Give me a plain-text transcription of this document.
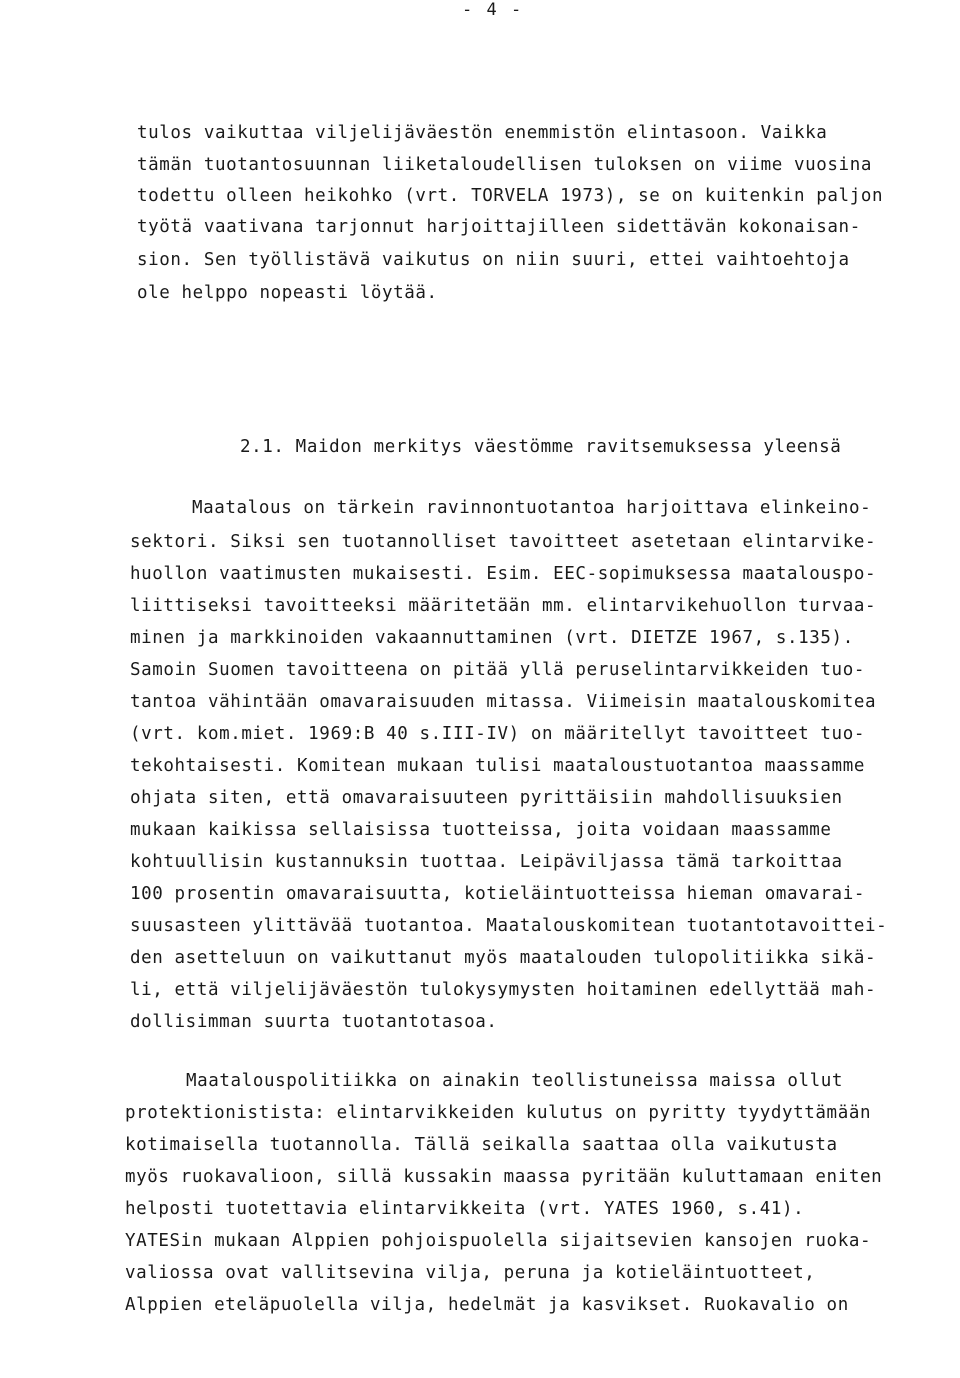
- 4 -
tulos vaikuttaa viljelijäväestön enemmistön elintasoon. Vaikka
tämän tuotantosuunnan liiketaloudellisen tuloksen on viime vuosina
todettu olleen heikohko (vrt. TORVELA 1973), se on kuitenkin paljon
työtä vaativana tarjonnut harjoittajilleen sidettävän kokonaisan-
sion. Sen työllistävä vaikutus on niin suuri, ettei vaihtoehtoja
ole helppo nopeasti löytää.
2.1. Maidon merkitys väestömme ravitsemuksessa yleensä
Maatalous on tärkein ravinnontuotantoa harjoittava elinkeino-
sektori. Siksi sen tuotannolliset tavoitteet asetetaan elintarvike-
huollon vaatimusten mukaisesti. Esim. EEC-sopimuksessa maatalouspo-
liittiseksi tavoitteeksi määritetään mm. elintarvikehuollon turvaa-
minen ja markkinoiden vakaannuttaminen (vrt. DIETZE 1967, s.135).
Samoin Suomen tavoitteena on pitää yllä peruselintarvikkeiden tuo-
tantoa vähintään omavaraisuuden mitassa. Viimeisin maatalouskomitea
(vrt. kom.miet. 1969:B 40 s.III-IV) on määritellyt tavoitteet tuo-
tekohtaisesti. Komitean mukaan tulisi maataloustuotantoa maassamme
ohjata siten, että omavaraisuuteen pyrittäisiin mahdollisuuksien
mukaan kaikissa sellaisissa tuotteissa, joita voidaan maassamme
kohtuullisin kustannuksin tuottaa. Leipäviljassa tämä tarkoittaa
100 prosentin omavaraisuutta, kotieläintuotteissa hieman omavarai-
suusasteen ylittävää tuotantoa. Maatalouskomitean tuotantotavoittei-
den asetteluun on vaikuttanut myös maatalouden tulopolitiikka sikä-
li, että viljelijäväestön tulokysymysten hoitaminen edellyttää mah-
dollisimman suurta tuotantotasoa.
Maatalouspolitiikka on ainakin teollistuneissa maissa ollut
protektionistista: elintarvikkeiden kulutus on pyritty tyydyttämään
kotimaisella tuotannolla. Tällä seikalla saattaa olla vaikutusta
myös ruokavalioon, sillä kussakin maassa pyritään kuluttamaan eniten
helposti tuotettavia elintarvikkeita (vrt. YATES 1960, s.41).
YATESin mukaan Alppien pohjoispuolella sijaitsevien kansojen ruoka-
valiossa ovat vallitsevina vilja, peruna ja kotieläintuotteet,
Alppien eteläpuolella vilja, hedelmät ja kasvikset. Ruokavalio on
